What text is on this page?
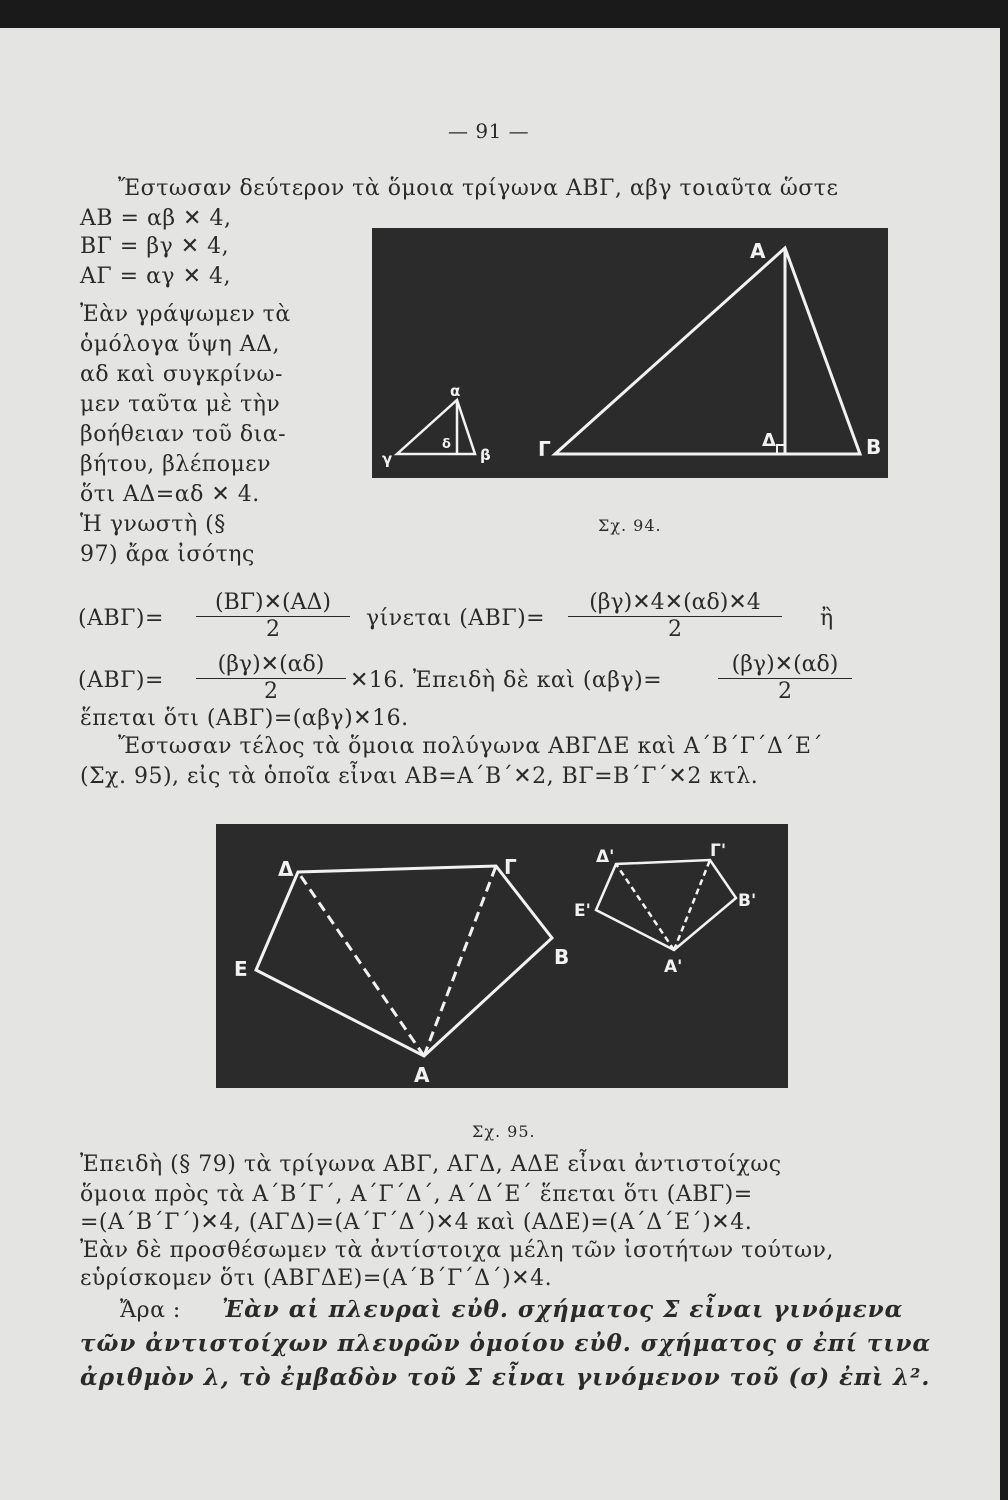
— 91 —
Ἔστωσαν δεύτερον τὰ ὅμοια τρίγωνα ΑΒΓ, αβγ τοιαῦτα ὥστε
ΑΒ = αβ ✕ 4,
ΒΓ = βγ ✕ 4,
ΑΓ = αγ ✕ 4,
Ἐὰν γράψωμεν τὰ
ὁμόλογα ὕψη ΑΔ,
αδ καὶ συγκρίνω-
μεν ταῦτα μὲ τὴν
βοήθειαν τοῦ δια-
βήτου, βλέπομεν
ὅτι ΑΔ=αδ ✕ 4.
Ἡ γνωστὴ (§
97) ἄρα ἰσότης
Α
Β
Γ	Δ
α
β
γ
δ
Σχ. 94.
$(AB\Gamma)= \frac{(B\Gamma)✕(A\Delta)}{2}$ γίνεται $(AB\Gamma)= \frac{(\beta\gamma)✕4✕(\alpha\delta)✕4}{2}$ ἢ
$(AB\Gamma)= \frac{(\beta\gamma)✕(\alpha\delta)}{2}$ ✕16. Ἐπειδὴ δὲ καὶ (αβγ)=	$\frac{(\beta\gamma)✕(\alpha\delta)}{2}$
ἕπεται ὅτι (ΑΒΓ)=(αβγ)✕16.
Ἔστωσαν τέλος τὰ ὅμοια πολύγωνα ΑΒΓΔΕ καὶ Α΄Β΄Γ΄Δ΄Ε΄
(Σχ. 95), εἰς τὰ ὁποῖα εἶναι ΑΒ=Α΄Β΄✕2, ΒΓ=Β΄Γ΄✕2 κτλ.
Α
Β
Γ
Δ
Ε	Α'
Β'
Γ'
Δ'
Ε'
Σχ. 95.
Ἐπειδὴ (§ 79) τὰ τρίγωνα ΑΒΓ, ΑΓΔ, ΑΔΕ εἶναι ἀντιστοίχως
ὅμοια πρὸς τὰ Α΄Β΄Γ΄, Α΄Γ΄Δ΄, Α΄Δ΄Ε΄ ἕπεται ὅτι (ΑΒΓ)=
=(Α΄Β΄Γ΄)✕4, (ΑΓΔ)=(Α΄Γ΄Δ΄)✕4 καὶ (ΑΔΕ)=(Α΄Δ΄Ε΄)✕4.
Ἐὰν δὲ προσθέσωμεν τὰ ἀντίστοιχα μέλη τῶν ἰσοτήτων τούτων,
εὑρίσκομεν ὅτι (ΑΒΓΔΕ)=(Α΄Β΄Γ΄Δ΄)✕4.
Ἄρα : Ἐὰν αἱ πλευραὶ εὐθ. σχήματος Σ εἶναι γινόμενα
τῶν ἀντιστοίχων πλευρῶν ὁμοίου εὐθ. σχήματος σ ἐπί τινα
ἀριθμὸν λ, τὸ ἐμβαδὸν τοῦ Σ εἶναι γινόμενον τοῦ (σ) ἐπὶ λ².
